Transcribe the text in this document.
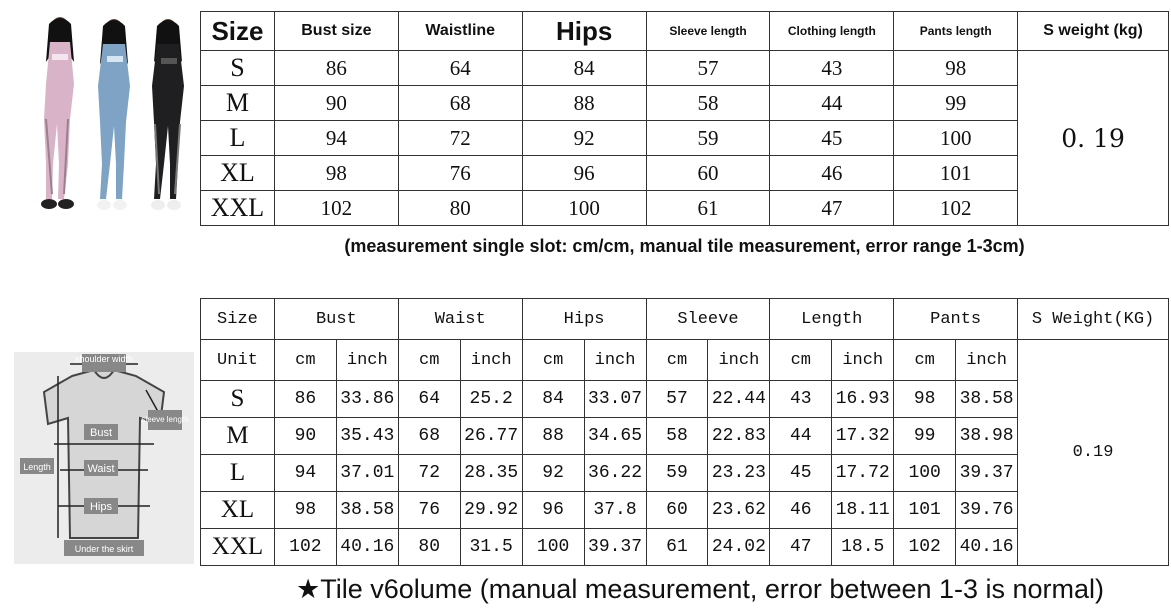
Size	Bust size	Waistline	Hips	Sleeve length	Clothing length	Pants length	S weight (kg)
S	86	64	84	57	43	98	0. 19
M	90	68	88	58	44	99	
L	94	72	92	59	45	100	
XL	98	76	96	60	46	101	
XXL	102	80	100	61	47	102	
(measurement single slot: cm/cm, manual tile measurement, error range 1-3cm)
shoulder width
sleeve length
Bust
Waist
Hips
Length
Under the skirt
Size	Bust		Waist		Hips		Sleeve		Length		Pants		S Weight(KG)
Unit	cm	inch	cm	inch	cm	inch	cm	inch	cm	inch	cm	inch	0.19
S	86	33.86	64	25.2	84	33.07	57	22.44	43	16.93	98	38.58	
M	90	35.43	68	26.77	88	34.65	58	22.83	44	17.32	99	38.98	
L	94	37.01	72	28.35	92	36.22	59	23.23	45	17.72	100	39.37	
XL	98	38.58	76	29.92	96	37.8	60	23.62	46	18.11	101	39.76	
XXL	102	40.16	80	31.5	100	39.37	61	24.02	47	18.5	102	40.16	
★Tile v6olume (manual measurement, error between 1-3 is normal)
